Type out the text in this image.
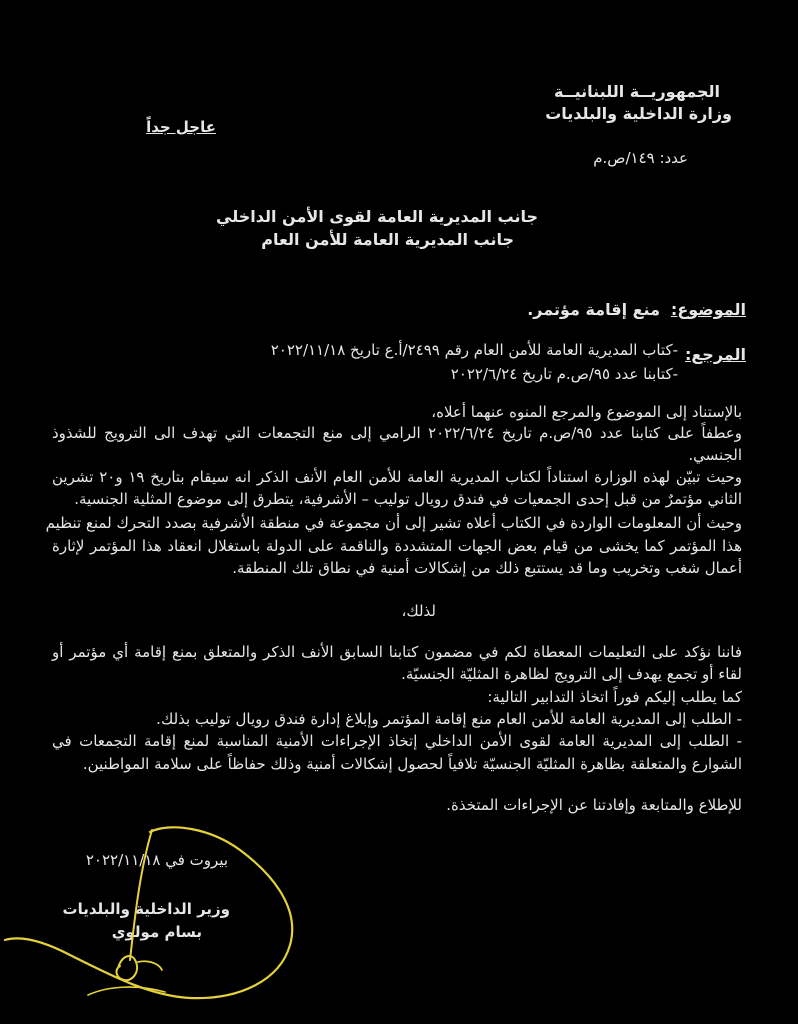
الجمهوريــة اللبنانيــة
وزارة الداخلية والبلديات
عاجل جداً
عدد: ١٤٩/ص.م
جانب المديرية العامة لقوى الأمن الداخلي
جانب المديرية العامة للأمن العام
الموضوع:
منع إقامة مؤتمر.
المرجع:
-كتاب المديرية العامة للأمن العام رقم ٢٤٩٩/أ.ع تاريخ ٢٠٢٢/١١/١٨
-كتابنا عدد ٩٥/ص.م تاريخ ٢٠٢٢/٦/٢٤
بالإستناد إلى الموضوع والمرجع المنوه عنهما أعلاه،
وعطفاً على كتابنا عدد ٩٥/ص.م تاريخ ٢٠٢٢/٦/٢٤ الرامي إلى منع التجمعات التي تهدف الى الترويج للشذوذ
الجنسي.
وحيث تبيّن لهذه الوزارة استناداً لكتاب المديرية العامة للأمن العام الأنف الذكر انه سيقام بتاريخ ١٩ و٢٠ تشرين
الثاني مؤتمرٌ من قبل إحدى الجمعيات في فندق رويال توليب – الأشرفية، يتطرق إلى موضوع المثلية الجنسية.
وحيث أن المعلومات الواردة في الكتاب أعلاه تشير إلى أن مجموعة في منطقة الأشرفية بصدد التحرك لمنع تنظيم
هذا المؤتمر كما يخشى من قيام بعض الجهات المتشددة والناقمة على الدولة باستغلال انعقاد هذا المؤتمر لإثارة
أعمال شغب وتخريب وما قد يستتبع ذلك من إشكالات أمنية في نطاق تلك المنطقة.
لذلك،
فاننا نؤكد على التعليمات المعطاة لكم في مضمون كتابنا السابق الأنف الذكر والمتعلق بمنع إقامة أي مؤتمر أو
لقاء أو تجمع يهدف إلى الترويج لظاهرة المثليّة الجنسيّة.
كما يطلب إليكم فوراً اتخاذ التدابير التالية:
- الطلب إلى المديرية العامة للأمن العام منع إقامة المؤتمر وإبلاغ إدارة فندق رويال توليب بذلك.
- الطلب إلى المديرية العامة لقوى الأمن الداخلي إتخاذ الإجراءات الأمنية المناسبة لمنع إقامة التجمعات في
الشوارع والمتعلقة بظاهرة المثليّة الجنسيّة تلافياً لحصول إشكالات أمنية وذلك حفاظاً على سلامة المواطنين.
للإطلاع والمتابعة وإفادتنا عن الإجراءات المتخذة.
بيروت في ٢٠٢٢/١١/١٨
وزير الداخلية والبلديات
بسام مولوي
